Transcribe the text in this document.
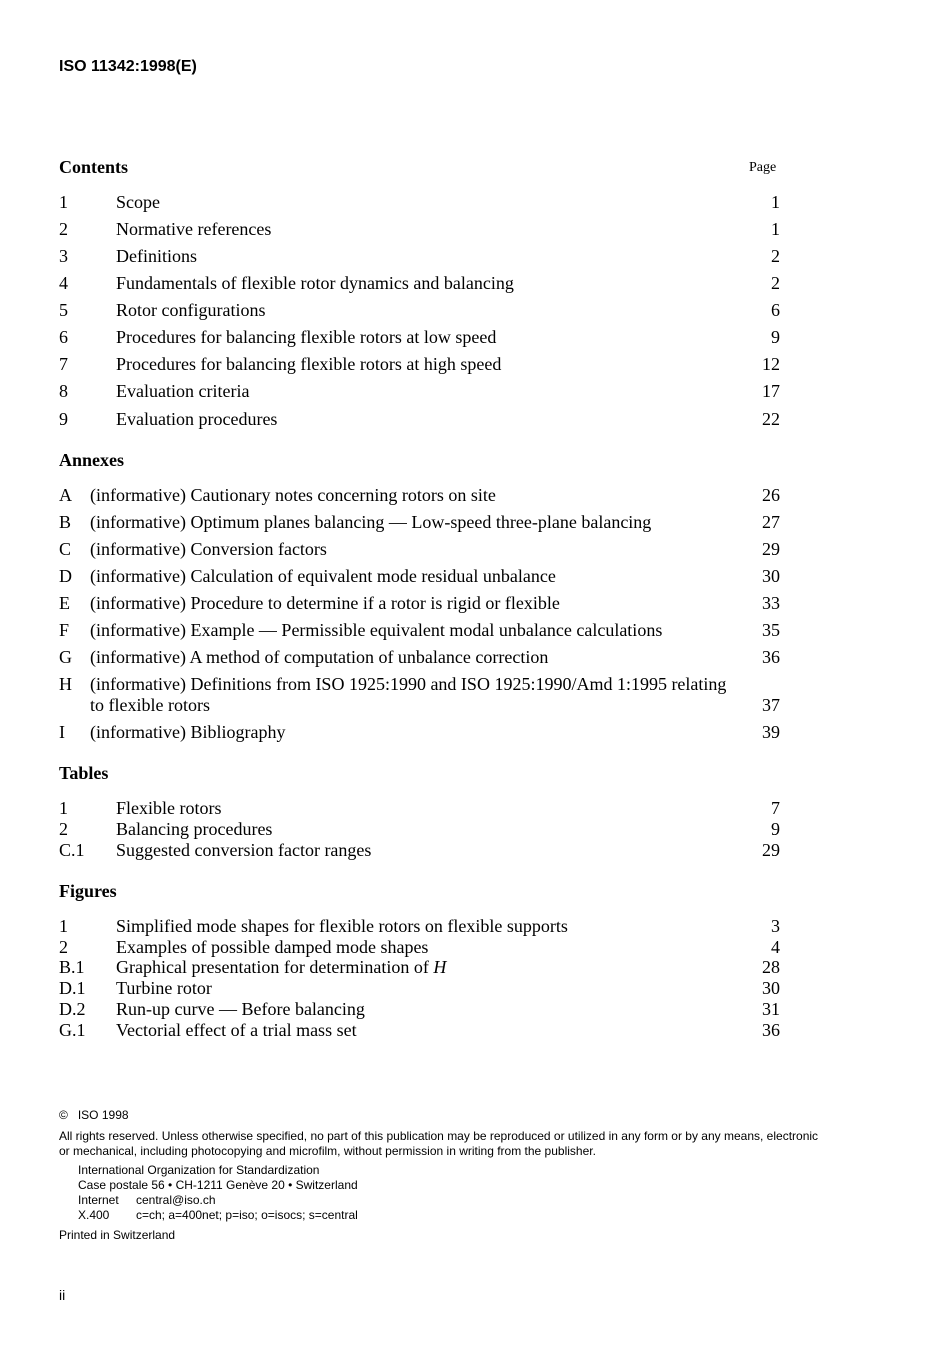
ISO 11342:1998(E)
Contents	Page
1	Scope	1
2	Normative references	1
3	Definitions	2
4	Fundamentals of flexible rotor dynamics and balancing	2
5	Rotor configurations	6
6	Procedures for balancing flexible rotors at low speed	9
7	Procedures for balancing flexible rotors at high speed	12
8	Evaluation criteria	17
9	Evaluation procedures	22
Annexes
A (informative) Cautionary notes concerning rotors on site	26
B (informative) Optimum planes balancing — Low-speed three-plane balancing	27
C (informative) Conversion factors	29
D (informative) Calculation of equivalent mode residual unbalance	30
E (informative) Procedure to determine if a rotor is rigid or flexible	33
F (informative) Example — Permissible equivalent modal unbalance calculations	35
G (informative) A method of computation of unbalance correction	36
H (informative) Definitions from ISO 1925:1990 and ISO 1925:1990/Amd 1:1995 relating
to flexible rotors	37
I (informative) Bibliography	39
Tables
1	Flexible rotors	7
2	Balancing procedures	9
C.1 Suggested conversion factor ranges	29
Figures
1	Simplified mode shapes for flexible rotors on flexible supports	3
2	Examples of possible damped mode shapes	4
B.1 Graphical presentation for determination of H	28
D.1 Turbine rotor	30
D.2 Run-up curve — Before balancing	31
G.1 Vectorial effect of a trial mass set	36
©   ISO 1998
All rights reserved. Unless otherwise specified, no part of this publication may be reproduced or utilized in any form or by any means, electronic
or mechanical, including photocopying and microfilm, without permission in writing from the publisher.
International Organization for Standardization
Case postale 56 • CH-1211 Genève 20 • Switzerland
Internet central@iso.ch
X.400 c=ch; a=400net; p=iso; o=isocs; s=central
Printed in Switzerland
ii
